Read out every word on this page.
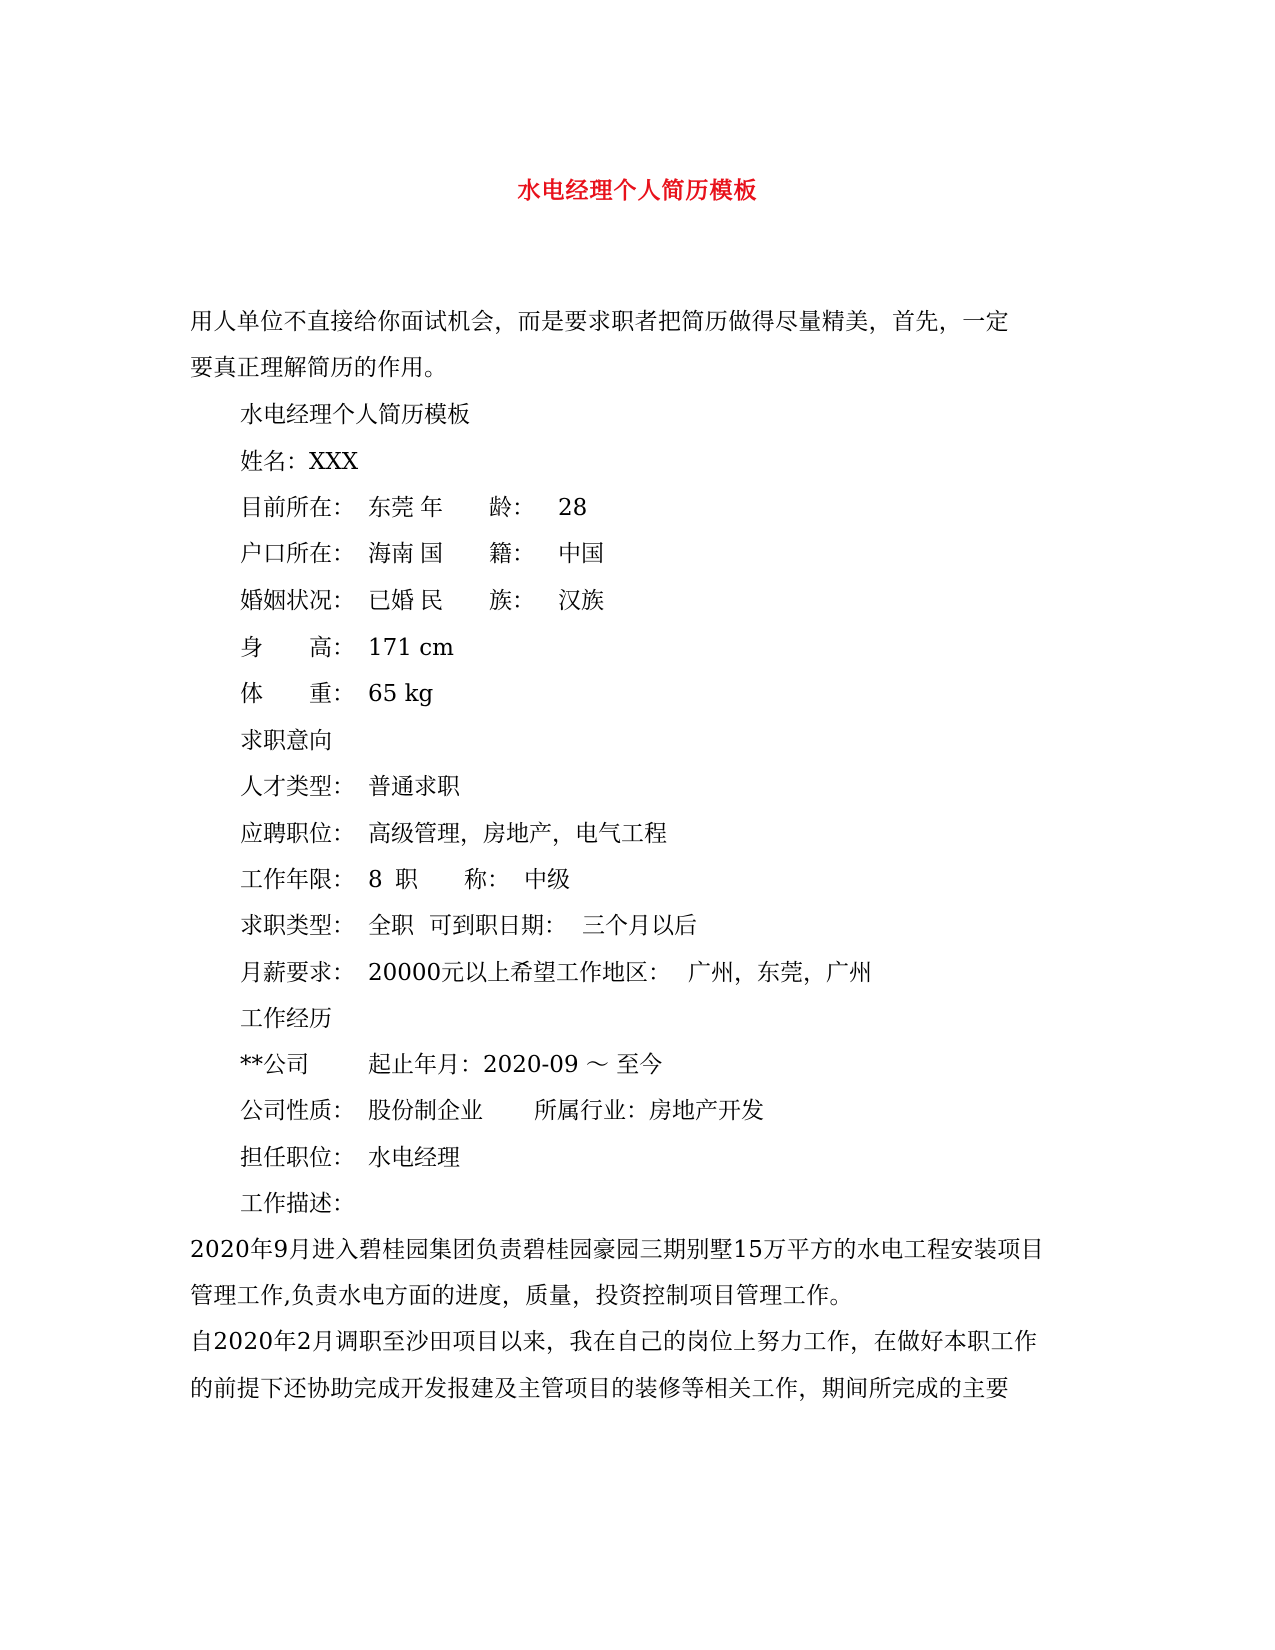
水电经理个人简历模板
用人单位不直接给你面试机会，而是要求职者把简历做得尽量精美，首先，一定
要真正理解简历的作用。
水电经理个人简历模板
姓名：XXX
目前所在： 东莞 年　　龄： 28
户口所在： 海南 国　　籍： 中国
婚姻状况： 已婚 民　　族： 汉族
身　　高： 171 cm
体　　重： 65 kg
求职意向
人才类型： 普通求职
应聘职位： 高级管理，房地产，电气工程
工作年限： 8 职　　称： 中级
求职类型： 全职 可到职日期： 三个月以后
月薪要求： 20000元以上 希望工作地区： 广州，东莞，广州
工作经历
**公司	起止年月：2020-09 ～ 至今
公司性质： 股份制企业 所属行业：房地产开发
担任职位： 水电经理
工作描述：
2020年9月进入碧桂园集团负责碧桂园豪园三期别墅15万平方的水电工程安装项目
管理工作,负责水电方面的进度，质量，投资控制项目管理工作。
自2020年2月调职至沙田项目以来，我在自己的岗位上努力工作，在做好本职工作
的前提下还协助完成开发报建及主管项目的装修等相关工作，期间所完成的主要
